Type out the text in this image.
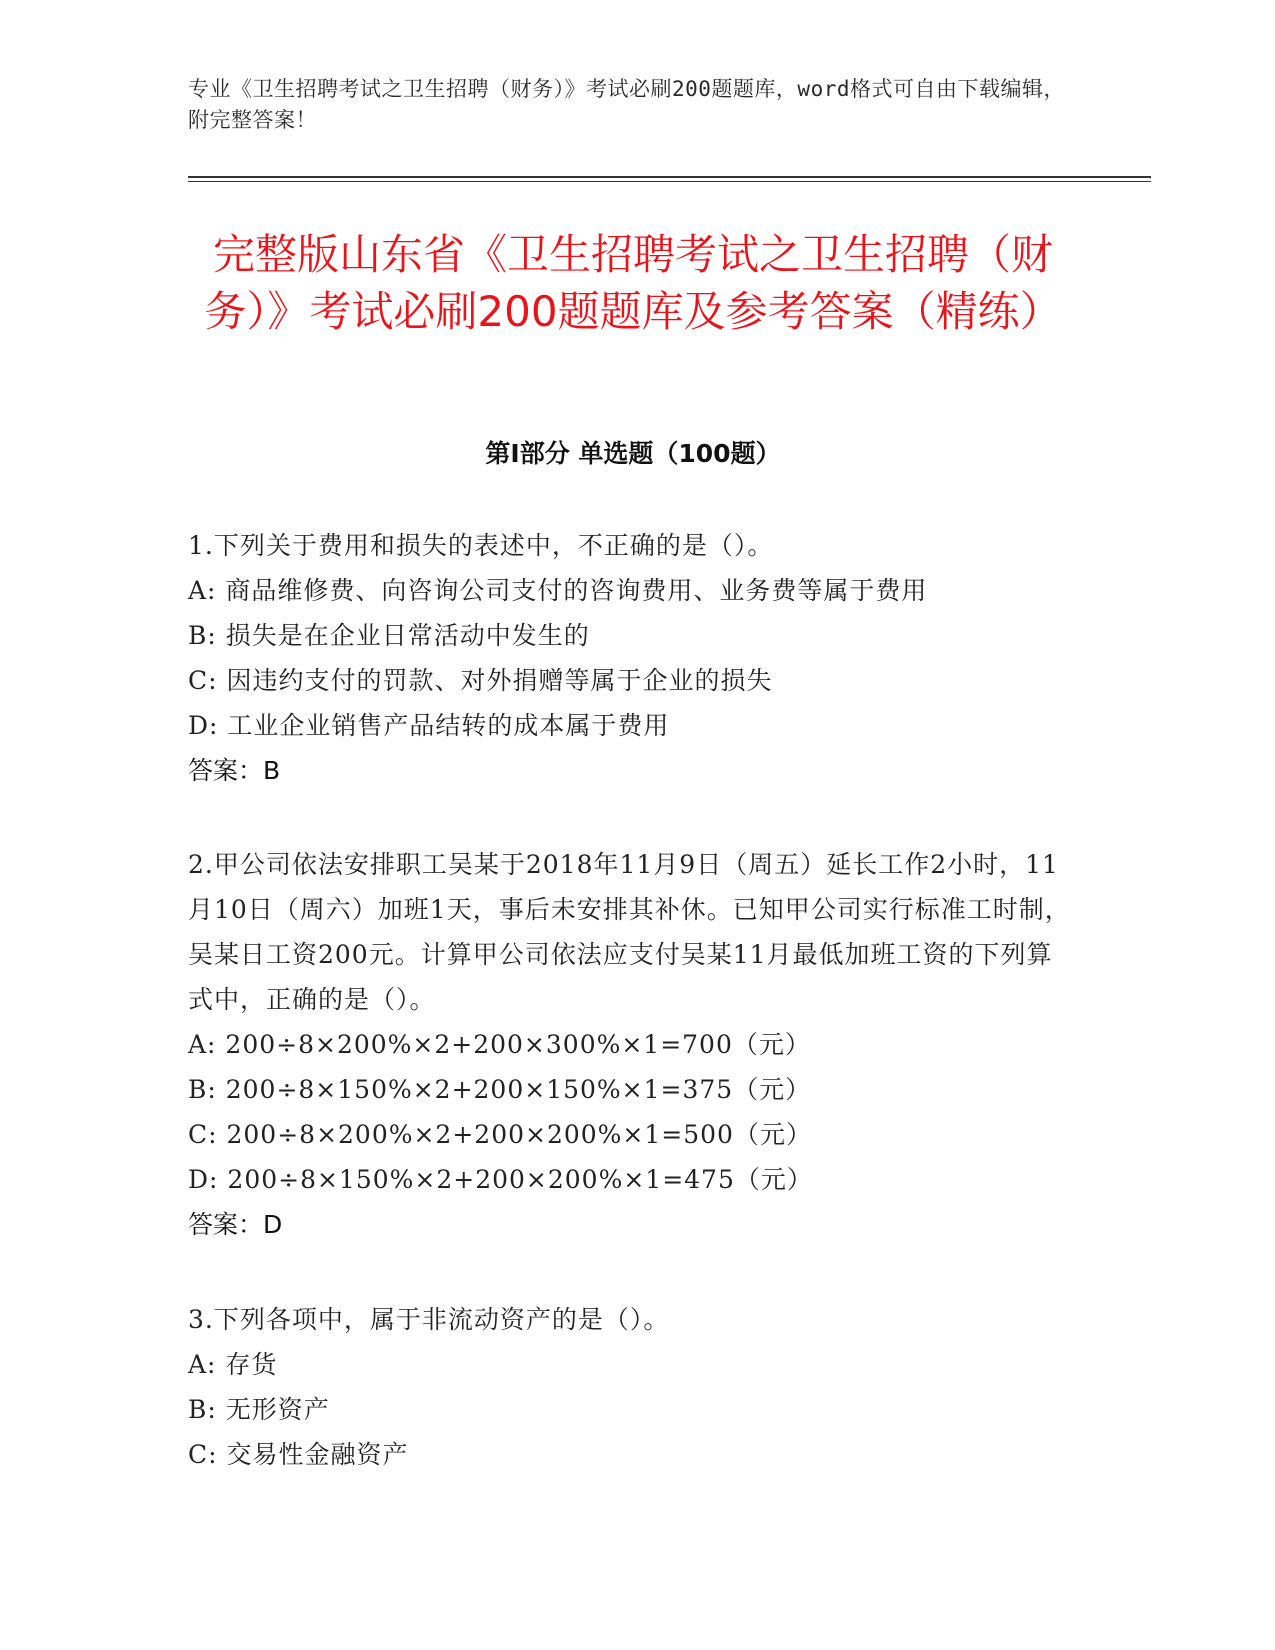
专业《卫生招聘考试之卫生招聘（财务）》考试必刷200题题库，word格式可自由下载编辑，附完整答案！
完整版山东省《卫生招聘考试之卫生招聘（财务）》考试必刷200题题库及参考答案（精练）
第I部分 单选题（100题）

1.下列关于费用和损失的表述中，不正确的是（）。

A: 商品维修费、向咨询公司支付的咨询费用、业务费等属于费用

B: 损失是在企业日常活动中发生的

C: 因违约支付的罚款、对外捐赠等属于企业的损失

D: 工业企业销售产品结转的成本属于费用

答案：B

2.甲公司依法安排职工吴某于2018年11月9日（周五）延长工作2小时，11月10日（周六）加班1天，事后未安排其补休。已知甲公司实行标准工时制，吴某日工资200元。计算甲公司依法应支付吴某11月最低加班工资的下列算式中，正确的是（）。

A: 200÷8×200%×2+200×300%×1=700（元）

B: 200÷8×150%×2+200×150%×1=375（元）

C: 200÷8×200%×2+200×200%×1=500（元）

D: 200÷8×150%×2+200×200%×1=475（元）

答案：D

3.下列各项中，属于非流动资产的是（）。

A: 存货

B: 无形资产

C: 交易性金融资产
